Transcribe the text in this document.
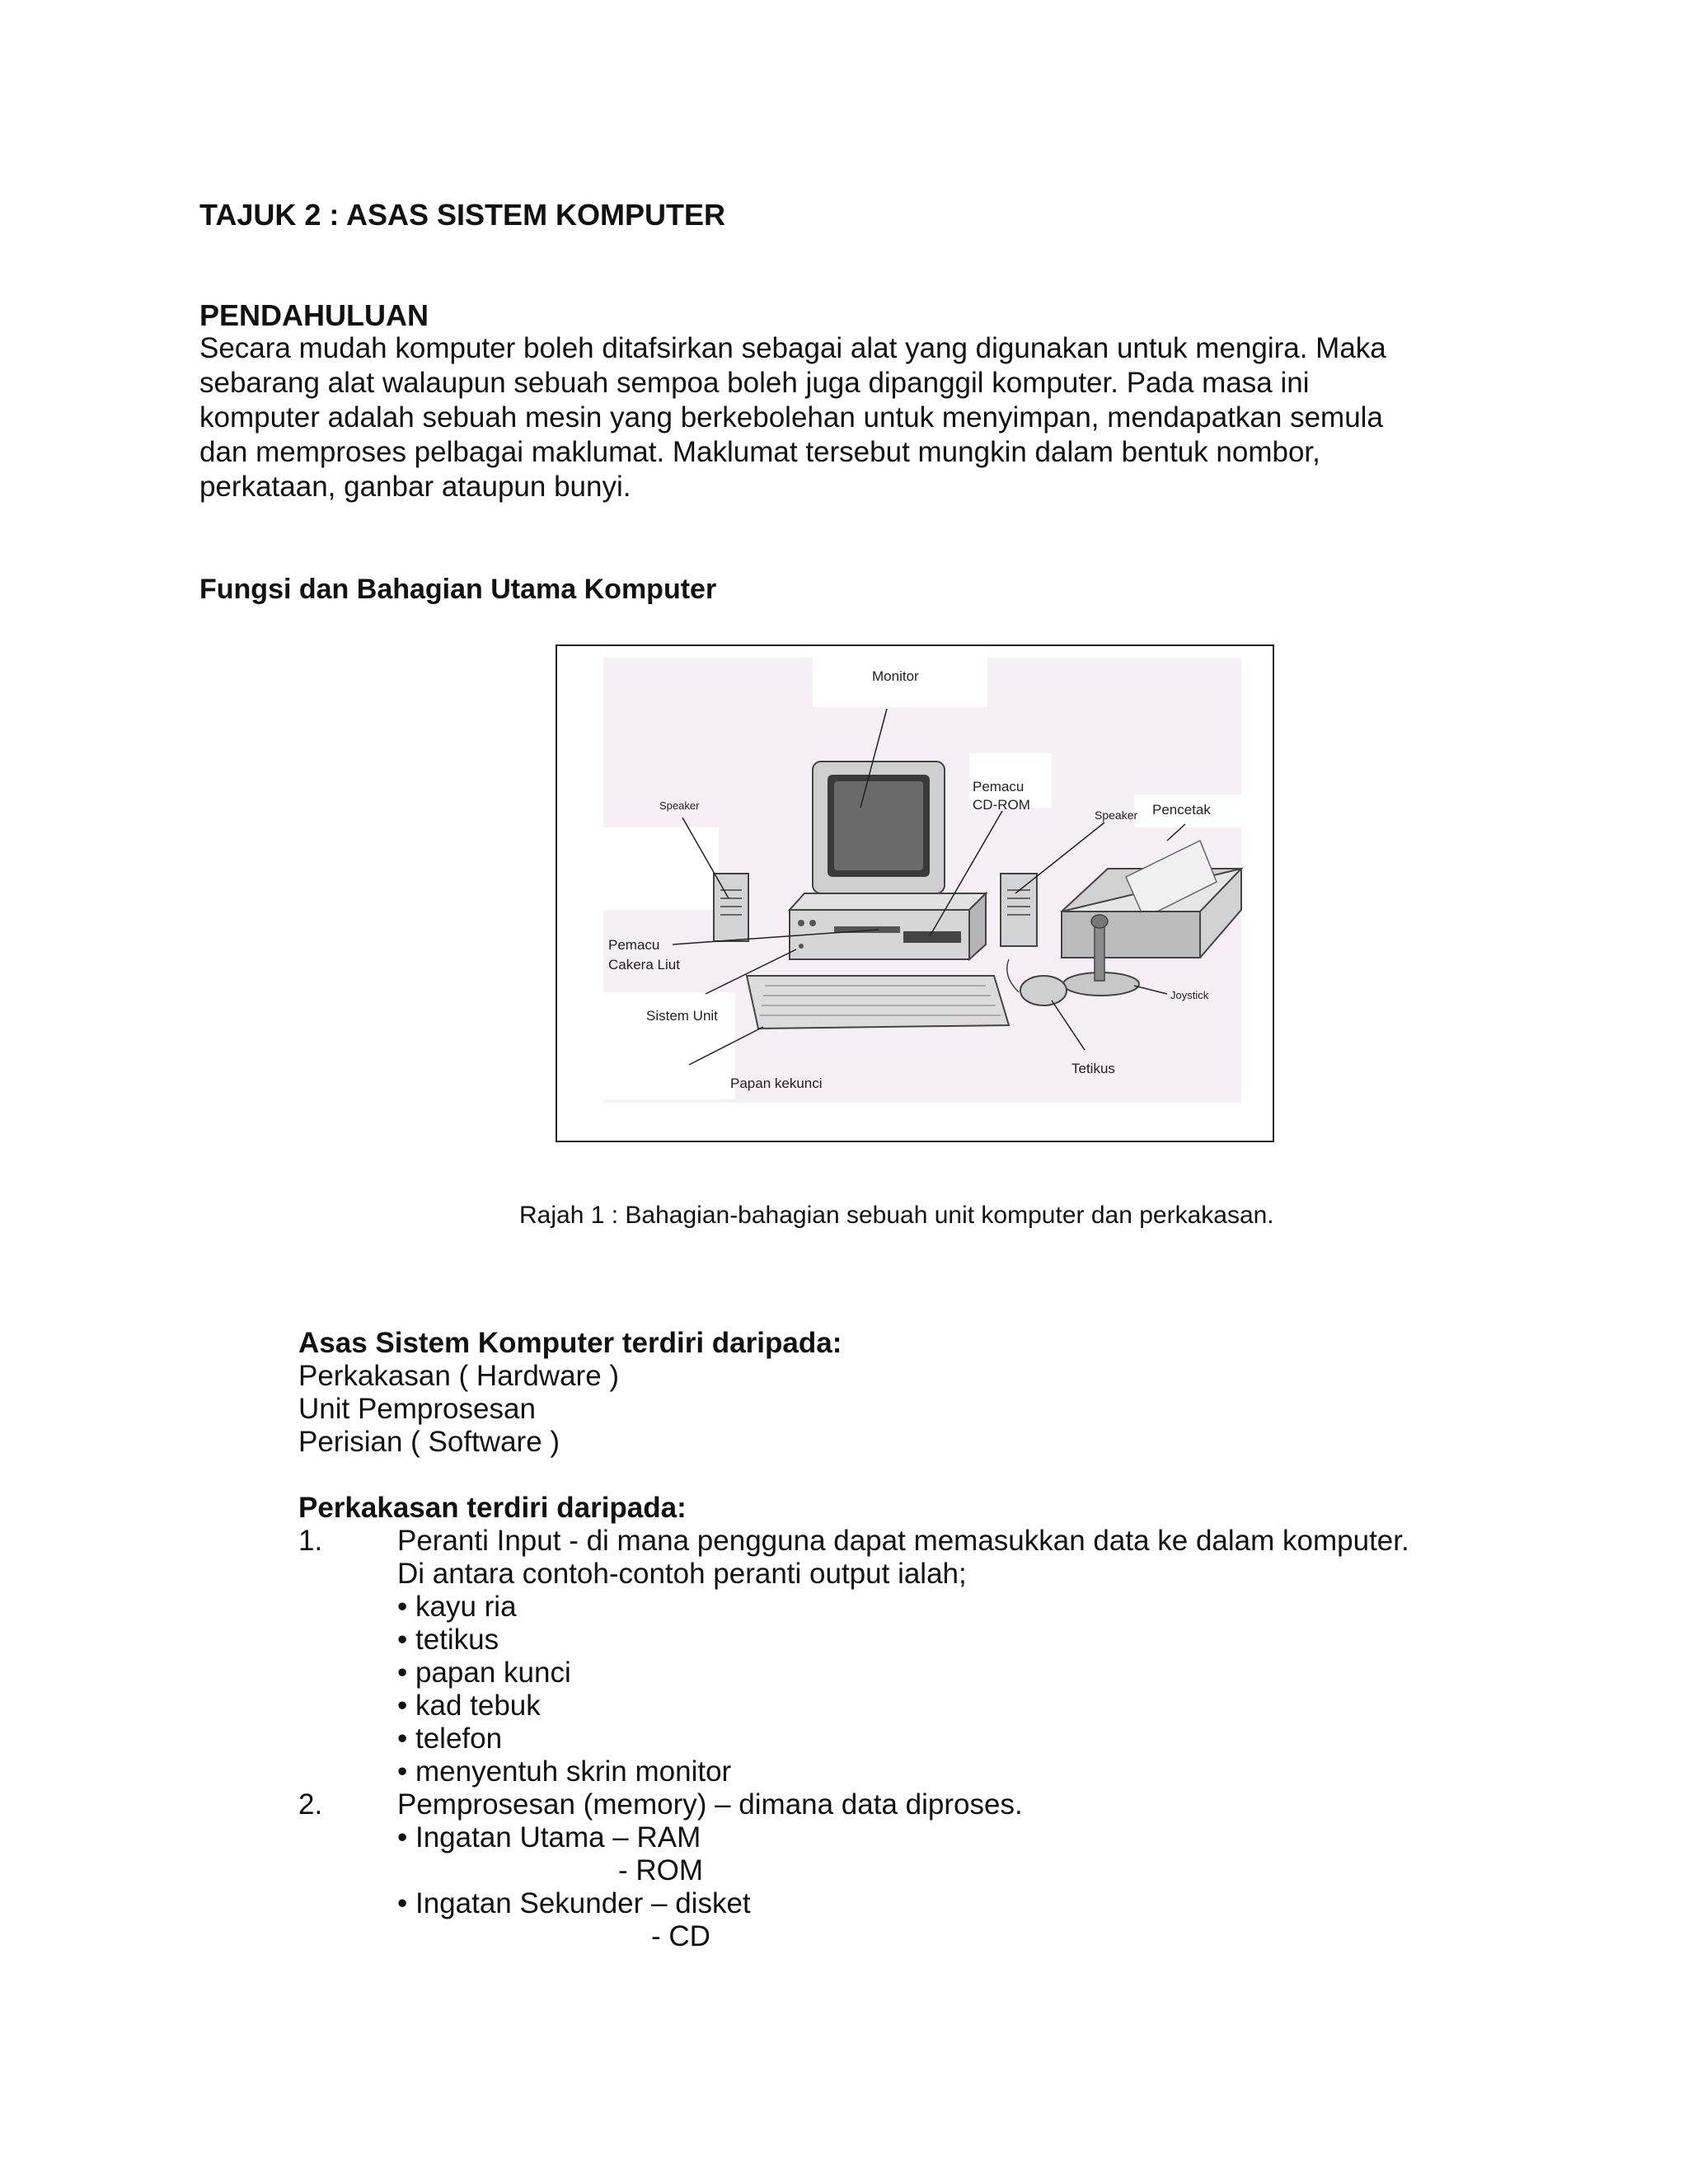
TAJUK 2 : ASAS SISTEM KOMPUTER
PENDAHULUAN
Secara mudah komputer boleh ditafsirkan sebagai alat yang digunakan untuk mengira. Maka
sebarang alat walaupun sebuah sempoa boleh juga dipanggil komputer. Pada masa ini
komputer adalah sebuah mesin yang berkebolehan untuk menyimpan, mendapatkan semula
dan memproses pelbagai maklumat. Maklumat tersebut mungkin dalam bentuk nombor,
perkataan, ganbar ataupun bunyi.
Fungsi dan Bahagian Utama Komputer
Monitor
Speaker
Pemacu
CD-ROM
Speaker Pencetak
Pemacu
Cakera Liut
Sistem Unit
Joystick
Tetikus
Papan kekunci
Rajah 1 : Bahagian-bahagian sebuah unit komputer dan perkakasan.
Asas Sistem Komputer terdiri daripada:
Perkakasan ( Hardware )
Unit Pemprosesan
Perisian ( Software )
Perkakasan terdiri daripada:
1.	Peranti Input - di mana pengguna dapat memasukkan data ke dalam komputer.
Di antara contoh-contoh peranti output ialah;
• kayu ria
• tetikus
• papan kunci
• kad tebuk
• telefon
• menyentuh skrin monitor
2.	Pemprosesan (memory) – dimana data diproses.
• Ingatan Utama – RAM
- ROM
• Ingatan Sekunder – disket
- CD
